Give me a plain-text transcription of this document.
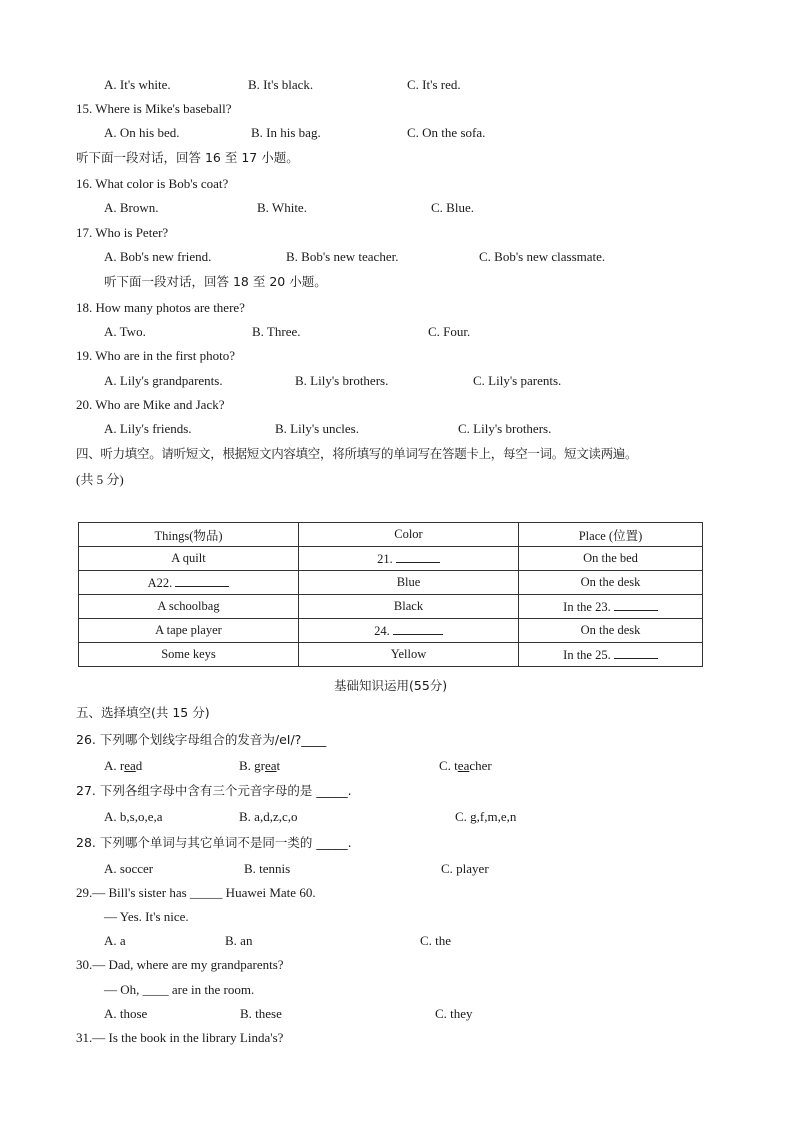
A. It's white.	B. It's black.	C. It's red.
15. Where is Mike's baseball?
A. On his bed.	B. In his bag.	C. On the sofa.
听下面一段对话，回答 16 至 17 小题。
16. What color is Bob's coat?
A. Brown.	B. White.	C. Blue.
17. Who is Peter?
A. Bob's new friend.	B. Bob's new teacher.	C. Bob's new classmate.
听下面一段对话，回答 18 至 20 小题。
18. How many photos are there?
A. Two.	B. Three.	C. Four.
19. Who are in the first photo?
A. Lily's grandparents.	B. Lily's brothers.	C. Lily's parents.
20. Who are Mike and Jack?
A. Lily's friends.	B. Lily's uncles.	C. Lily's brothers.
四、听力填空。请听短文，根据短文内容填空，将所填写的单词写在答题卡上，每空一词。短文读两遍。
(共 5 分)
Things(物品)	Color	Place (位置)
A quilt	21.	On the bed
A22.	Blue	On the desk
A schoolbag	Black	In the 23.
A tape player	24.	On the desk
Some keys	Yellow	In the 25.
基础知识运用(55分)
五、选择填空(共 15 分)
26. 下列哪个划线字母组合的发音为/eI/?____
A. read	B. great	C. teacher
27. 下列各组字母中含有三个元音字母的是 _____.
A. b,s,o,e,a	B. a,d,z,c,o	C. g,f,m,e,n
28. 下列哪个单词与其它单词不是同一类的 _____.
A. soccer	B. tennis	C. player
29.— Bill's sister has _____ Huawei Mate 60.
— Yes. It's nice.
A. a	B. an	C. the
30.— Dad, where are my grandparents?
— Oh, ____ are in the room.
A. those	B. these	C. they
31.— Is the book in the library Linda's?
